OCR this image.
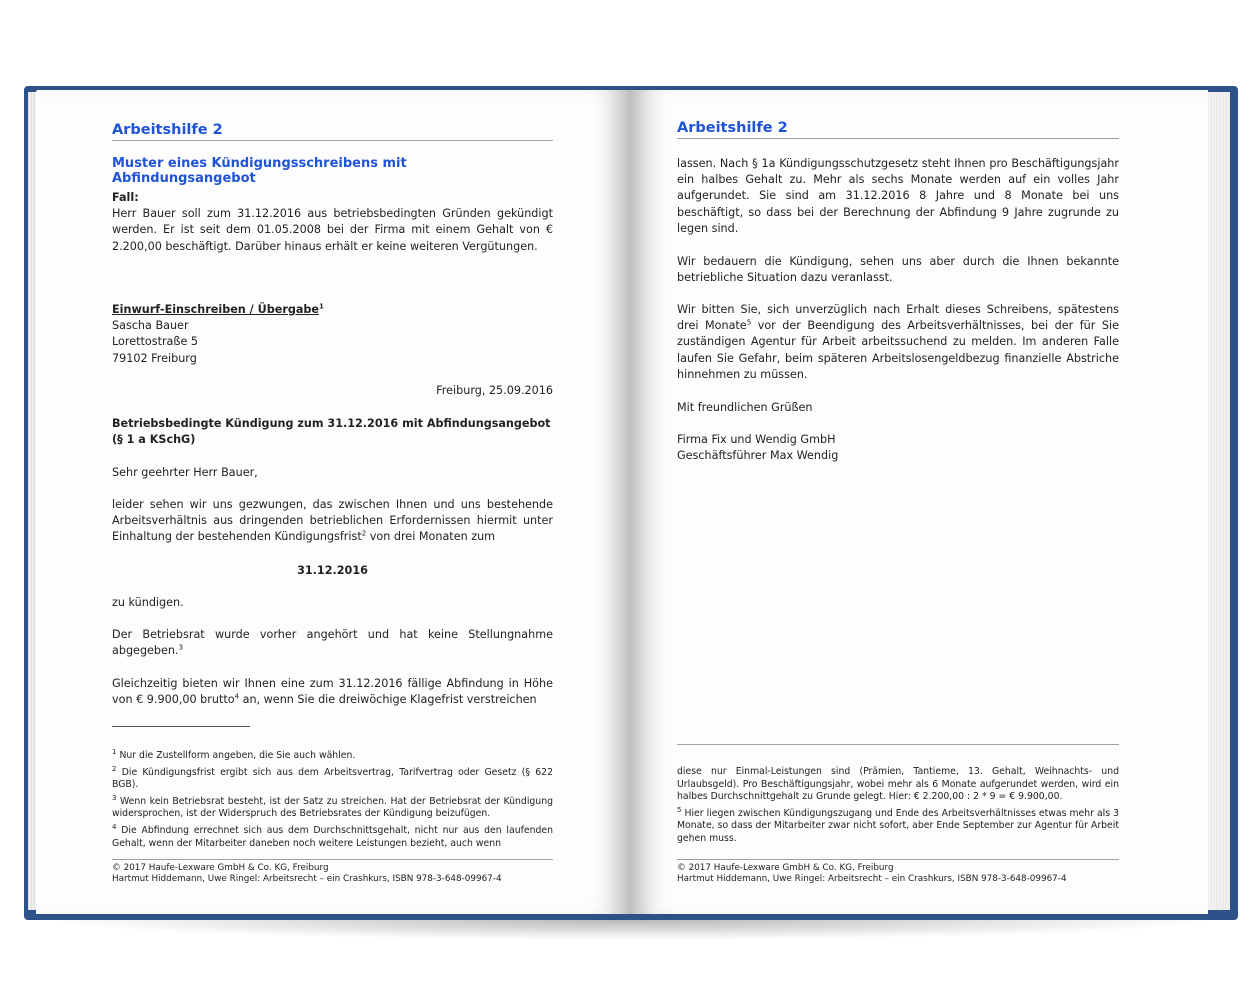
Arbeitshilfe 2
Muster eines Kündigungsschreibens mit Abfindungsangebot

Fall:

Herr Bauer soll zum 31.12.2016 aus betriebsbedingten Gründen gekündigt werden. Er ist seit dem 01.05.2008 bei der Firma mit einem Gehalt von € 2.200,00 beschäftigt. Darüber hinaus erhält er keine weiteren Vergütungen.

Einwurf-Einschreiben / Übergabe$^1$

Sascha Bauer

Lorettostraße 5

79102 Freiburg

Freiburg, 25.09.2016

Betriebsbedingte Kündigung zum 31.12.2016 mit Abfindungsangebot

(§ 1 a KSchG)

Sehr geehrter Herr Bauer,
leider sehen wir uns gezwungen, das zwischen Ihnen und uns bestehende Arbeitsverhältnis aus dringenden betrieblichen Erfordernissen hiermit unter Einhaltung der bestehenden Kündigungsfrist$^2$ von drei Monaten zum
31.12.2016
zu kündigen.
Der Betriebsrat wurde vorher angehört und hat keine Stellungnahme abgegeben.$^3$
Gleichzeitig bieten wir Ihnen eine zum 31.12.2016 fällige Abfindung in Höhe von € 9.900,00 brutto$^4$ an, wenn Sie die dreiwöchige Klagefrist verstreichen

$^1$ Nur die Zustellform angeben, die Sie auch wählen.

$^2$ Die Kündigungsfrist ergibt sich aus dem Arbeitsvertrag, Tarifvertrag oder Gesetz (§ 622 BGB).

$^3$ Wenn kein Betriebsrat besteht, ist der Satz zu streichen. Hat der Betriebsrat der Kündigung widersprochen, ist der Widerspruch des Betriebsrates der Kündigung beizufügen.

$^4$ Die Abfindung errechnet sich aus dem Durchschnittsgehalt, nicht nur aus den laufenden Gehalt, wenn der Mitarbeiter daneben noch weitere Leistungen bezieht, auch wenn

© 2017 Haufe-Lexware GmbH & Co. KG, Freiburg
Hartmut Hiddemann, Uwe Ringel: Arbeitsrecht – ein Crashkurs, ISBN 978-3-648-09967-4
Arbeitshilfe 2
lassen. Nach § 1a Kündigungsschutzgesetz steht Ihnen pro Beschäftigungsjahr ein halbes Gehalt zu. Mehr als sechs Monate werden auf ein volles Jahr aufgerundet. Sie sind am 31.12.2016 8 Jahre und 8 Monate bei uns beschäftigt, so dass bei der Berechnung der Abfindung 9 Jahre zugrunde zu legen sind.
Wir bedauern die Kündigung, sehen uns aber durch die Ihnen bekannte betriebliche Situation dazu veranlasst.
Wir bitten Sie, sich unverzüglich nach Erhalt dieses Schreibens, spätestens drei Monate$^5$ vor der Beendigung des Arbeitsverhältnisses, bei der für Sie zuständigen Agentur für Arbeit arbeitssuchend zu melden. Im anderen Falle laufen Sie Gefahr, beim späteren Arbeitslosengeldbezug finanzielle Abstriche hinnehmen zu müssen.
Mit freundlichen Grüßen

Firma Fix und Wendig GmbH

Geschäftsführer Max Wendig

diese nur Einmal-Leistungen sind (Prämien, Tantieme, 13. Gehalt, Weihnachts- und Urlaubsgeld). Pro Beschäftigungsjahr, wobei mehr als 6 Monate aufgerundet werden, wird ein halbes Durchschnittgehalt zu Grunde gelegt. Hier: € 2.200,00 : 2 * 9 = € 9.900,00.

$^5$ Hier liegen zwischen Kündigungszugang und Ende des Arbeitsverhältnisses etwas mehr als 3 Monate, so dass der Mitarbeiter zwar nicht sofort, aber Ende September zur Agentur für Arbeit gehen muss.

© 2017 Haufe-Lexware GmbH & Co. KG, Freiburg
Hartmut Hiddemann, Uwe Ringel: Arbeitsrecht – ein Crashkurs, ISBN 978-3-648-09967-4
